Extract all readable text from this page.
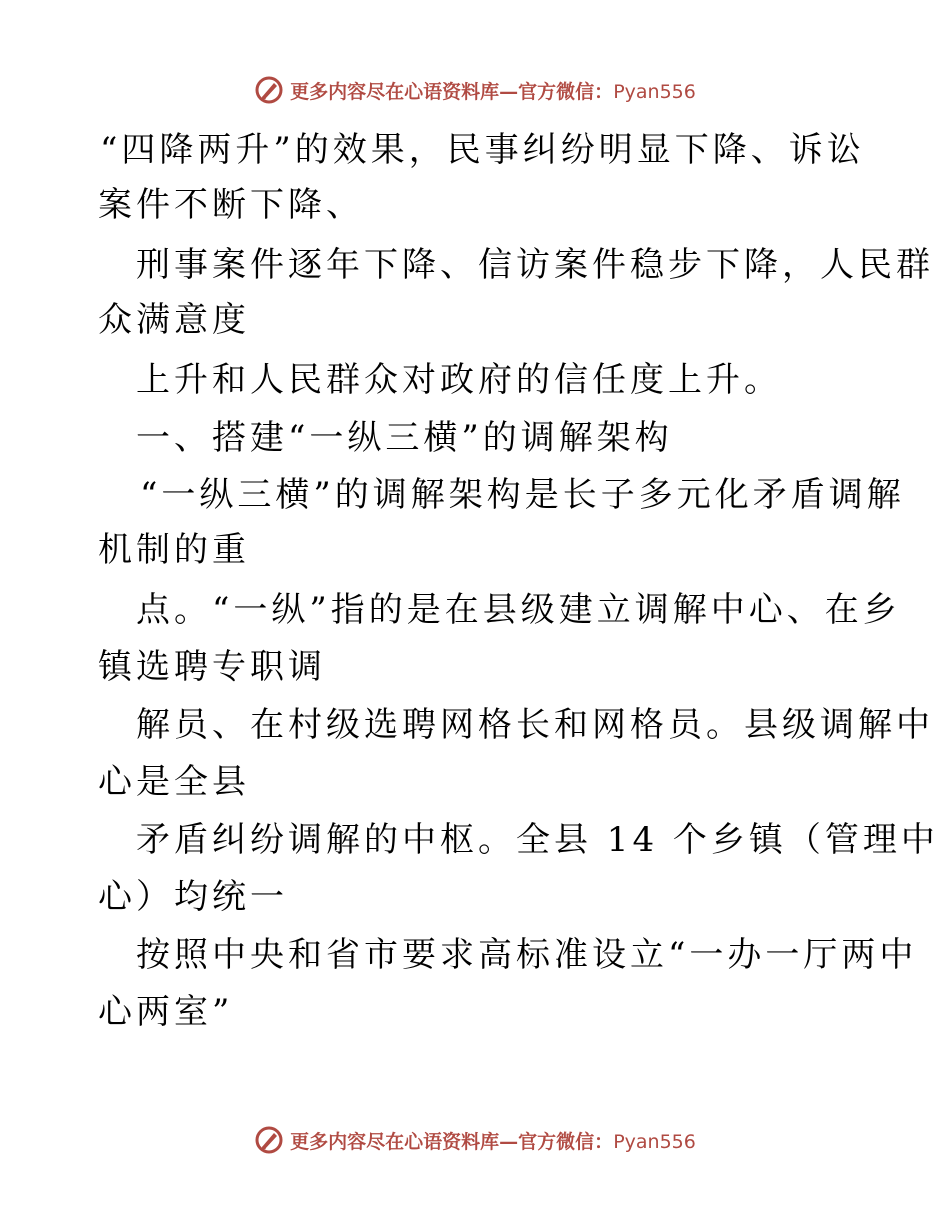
更多内容尽在心语资料库—官方微信：Pyan556
“四降两升”的效果，民事纠纷明显下降、诉讼
案件不断下降、
刑事案件逐年下降、信访案件稳步下降，人民群
众满意度
上升和人民群众对政府的信任度上升。
一、搭建“一纵三横”的调解架构
“一纵三横”的调解架构是长子多元化矛盾调解
机制的重
点。“一纵”指的是在县级建立调解中心、在乡
镇选聘专职调
解员、在村级选聘网格长和网格员。县级调解中
心是全县
矛盾纠纷调解的中枢。全县 14 个乡镇（管理中
心）均统一
按照中央和省市要求高标准设立“一办一厅两中
心两室”
更多内容尽在心语资料库—官方微信：Pyan556
